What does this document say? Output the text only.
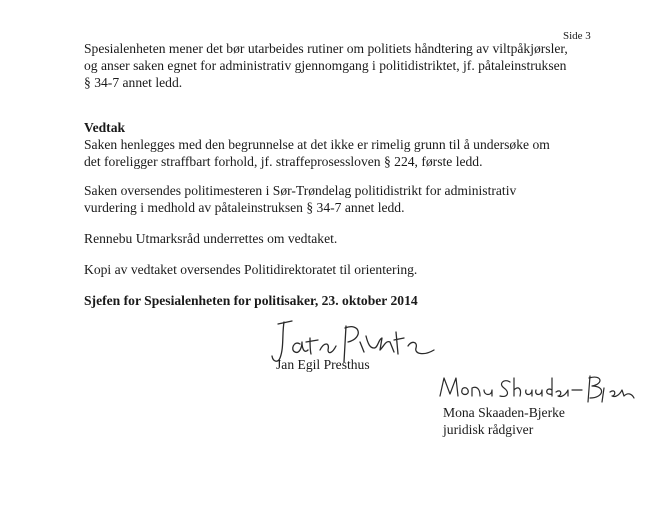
Side 3
Spesialenheten mener det bør utarbeides rutiner om politiets håndtering av viltpåkjørsler,
og anser saken egnet for administrativ gjennomgang i politidistriktet, jf. påtaleinstruksen
§ 34-7 annet ledd.
Vedtak
Saken henlegges med den begrunnelse at det ikke er rimelig grunn til å undersøke om
det foreligger straffbart forhold, jf. straffeprosessloven § 224, første ledd.
Saken oversendes politimesteren i Sør-Trøndelag politidistrikt for administrativ
vurdering i medhold av påtaleinstruksen § 34-7 annet ledd.
Rennebu Utmarksråd underrettes om vedtaket.
Kopi av vedtaket oversendes Politidirektoratet til orientering.
Sjefen for Spesialenheten for politisaker, 23. oktober 2014
Jan Egil Presthus
Mona Skaaden-Bjerke
juridisk rådgiver
